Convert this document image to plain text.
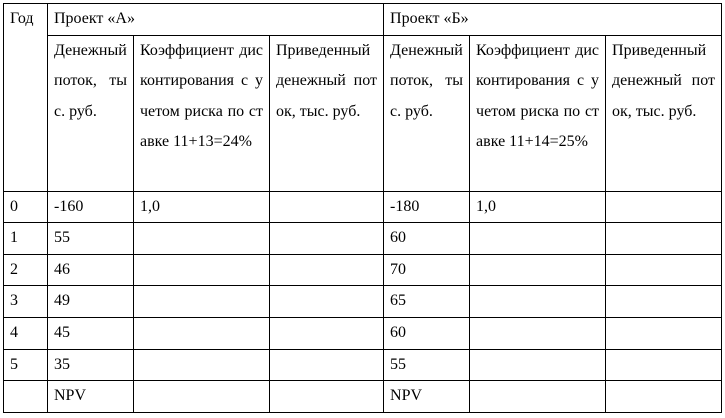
Год	Проект «А»			Проект «Б»		
	Денежный поток, тыс. руб.	Коэффициент дисконтирования с учетом риска по ставке 11+13=24%	Приведенный денежный поток, тыс. руб.	Денежный поток, тыс. руб.	Коэффициент дисконтирования с учетом риска по ставке 11+14=25%	Приведенный денежный поток, тыс. руб.
0	-160	1,0		-180	1,0	
1	55			60		
2	46			70		
3	49			65		
4	45			60		
5	35			55		
	NPV			NPV		
